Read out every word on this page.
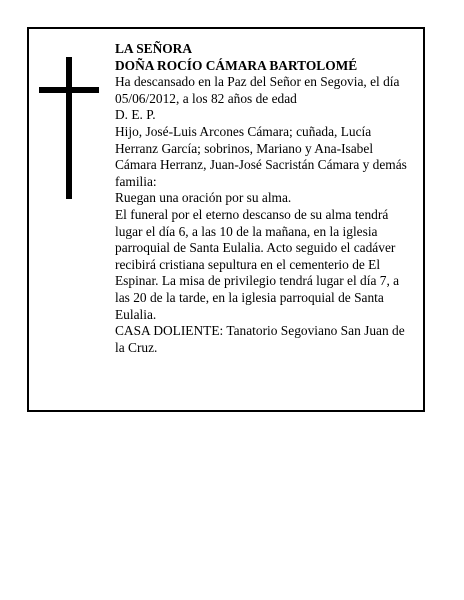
LA SEÑORA

DOÑA ROCÍO CÁMARA BARTOLOMÉ

Ha descansado en la Paz del Señor en Segovia, el día 05/06/2012, a los 82 años de edad

D. E. P.

Hijo, José-Luis Arcones Cámara; cuñada, Lucía Herranz García; sobrinos, Mariano y Ana-Isabel Cámara Herranz, Juan-José Sacristán Cámara y demás familia:

Ruegan una oración por su alma.

El funeral por el eterno descanso de su alma tendrá lugar el día 6, a las 10 de la mañana, en la iglesia parroquial de Santa Eulalia. Acto seguido el cadáver recibirá cristiana sepultura en el cementerio de El Espinar. La misa de privilegio tendrá lugar el día 7, a las 20 de la tarde, en la iglesia parroquial de Santa Eulalia.

CASA DOLIENTE: Tanatorio Segoviano San Juan de la Cruz.
